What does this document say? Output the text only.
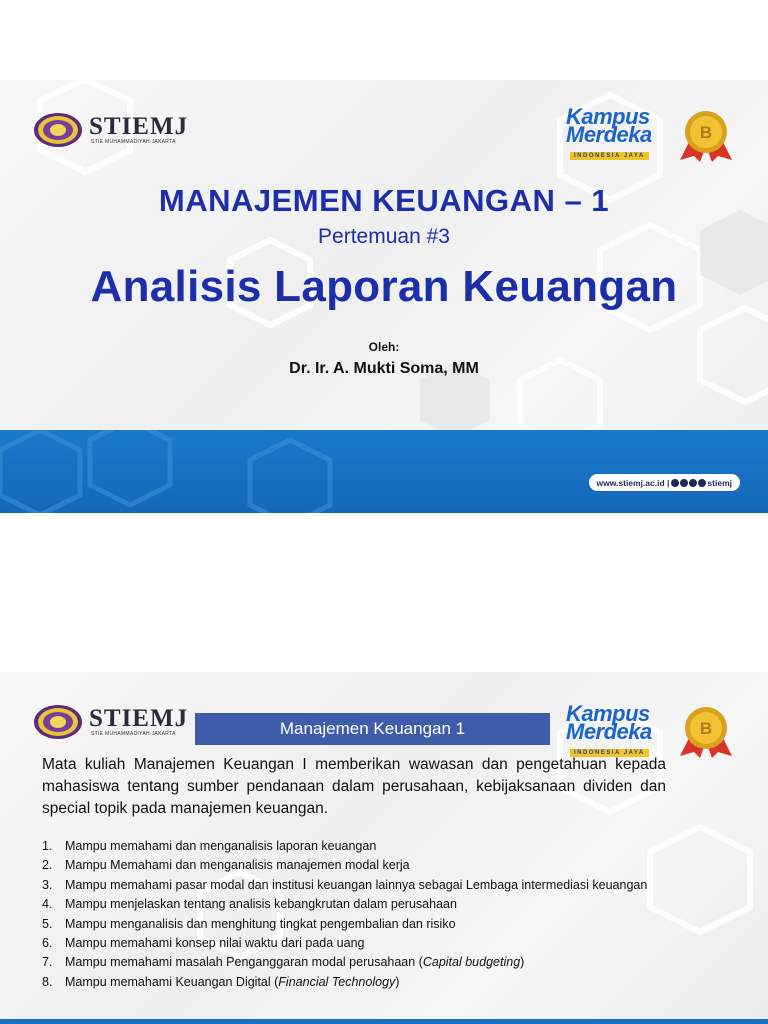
STIEMJ
STIE MUHAMMADIYAH JAKARTA
Kampus
Merdeka
INDONESIA JAYA
B
MANAJEMEN KEUANGAN – 1
Pertemuan #3
Analisis Laporan Keuangan
Oleh:
Dr. Ir. A. Mukti Soma, MM
www.stiemj.ac.id |	stiemj
STIEMJ
STIE MUHAMMADIYAH JAKARTA	Manajemen Keuangan 1
Kampus
Merdeka
INDONESIA JAYA
B
Mata kuliah Manajemen Keuangan I memberikan wawasan dan pengetahuan kepada mahasiswa tentang sumber pendanaan dalam perusahaan, kebijaksanaan dividen dan special topik pada manajemen keuangan.
1.	Mampu memahami dan menganalisis laporan keuangan
2.	Mampu Memahami dan menganalisis manajemen modal kerja
3.	Mampu memahami pasar modal dan institusi keuangan lainnya sebagai Lembaga intermediasi keuangan
4.	Mampu menjelaskan tentang analisis kebangkrutan dalam perusahaan
5.	Mampu menganalisis dan menghitung tingkat pengembalian dan risiko
6.	Mampu memahami konsep nilai waktu dari pada uang
7.	Mampu memahami masalah Penganggaran modal perusahaan (Capital budgeting)
8.	Mampu memahami Keuangan Digital (Financial Technology)
